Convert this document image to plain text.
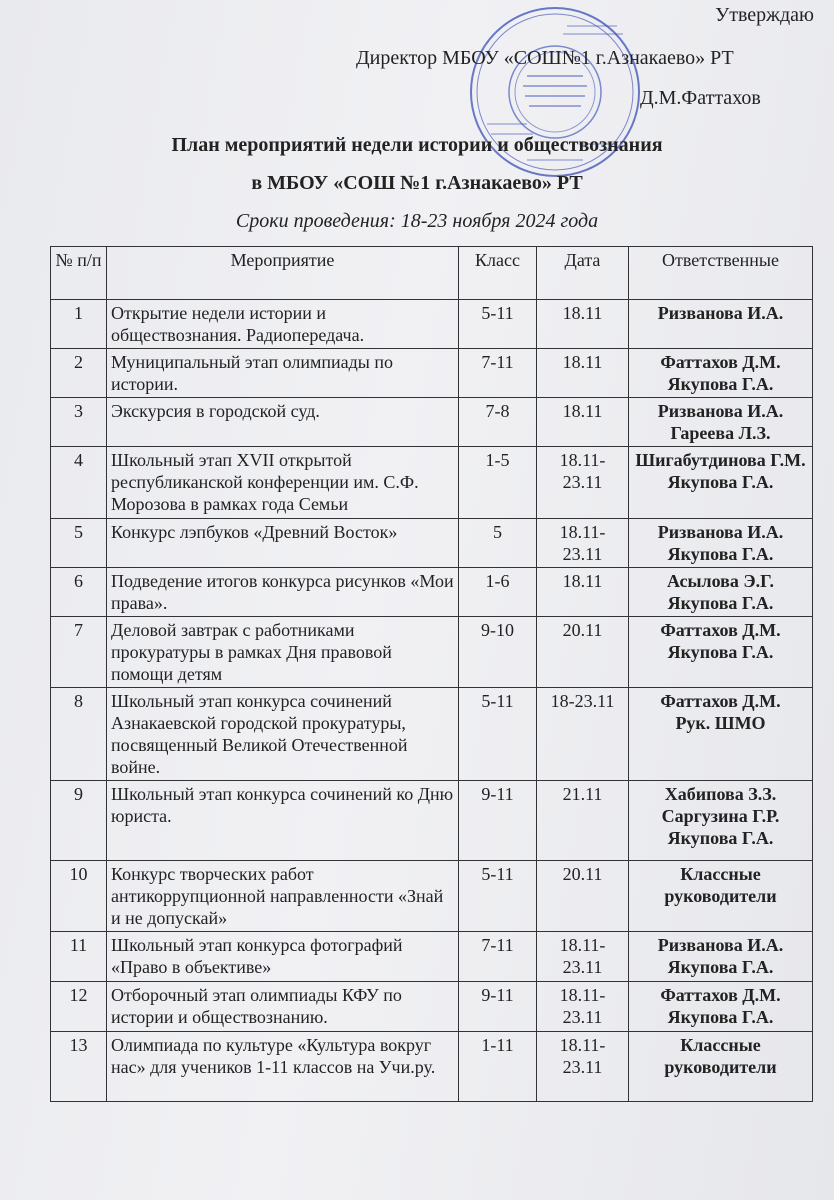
Утверждаю
Директор МБОУ «СОШ№1 г.Азнакаево» РТ
Д.М.Фаттахов
План мероприятий недели истории и обществознания
в МБОУ «СОШ №1 г.Азнакаево» РТ
Сроки проведения: 18-23 ноября 2024 года
№ п/п	Мероприятие	Класс	Дата	Ответственные
1	Открытие недели истории и обществознания. Радиопередача.	5-11	18.11	Ризванова И.А.

2	Муниципальный этап олимпиады по истории.	7-11	18.11	Фаттахов Д.М.
Якупова Г.А.

3	Экскурсия в городской суд.	7-8	18.11	Ризванова И.А.
Гареева Л.З.

4	Школьный этап XVII открытой республиканской конференции им. С.Ф. Морозова в рамках года Семьи	1-5	18.11-23.11	Шигабутдинова Г.М.
Якупова Г.А.

5	Конкурс лэпбуков «Древний Восток»	5	18.11-23.11	Ризванова И.А.
Якупова Г.А.

6	Подведение итогов конкурса рисунков «Мои права».	1-6	18.11	Асылова Э.Г.
Якупова Г.А.

7	Деловой завтрак с работниками прокуратуры в рамках Дня правовой помощи детям	9-10	20.11	Фаттахов Д.М.
Якупова Г.А.

8	Школьный этап конкурса сочинений Азнакаевской городской прокуратуры, посвященный Великой Отечественной войне.	5-11	18-23.11	Фаттахов Д.М.
Рук. ШМО

9	Школьный этап конкурса сочинений ко Дню юриста.	9-11	21.11	Хабипова З.З.
Саргузина Г.Р.
Якупова Г.А.

10	Конкурс творческих работ антикоррупционной направленности «Знай и не допускай»	5-11	20.11	Классные руководители

11	Школьный этап конкурса фотографий «Право в объективе»	7-11	18.11-23.11	Ризванова И.А.
Якупова Г.А.

12	Отборочный этап олимпиады КФУ по истории и обществознанию.	9-11	18.11-23.11	Фаттахов Д.М.
Якупова Г.А.

13	Олимпиада по культуре «Культура вокруг нас» для учеников 1-11 классов на Учи.ру.	1-11	18.11-23.11	Классные руководители
